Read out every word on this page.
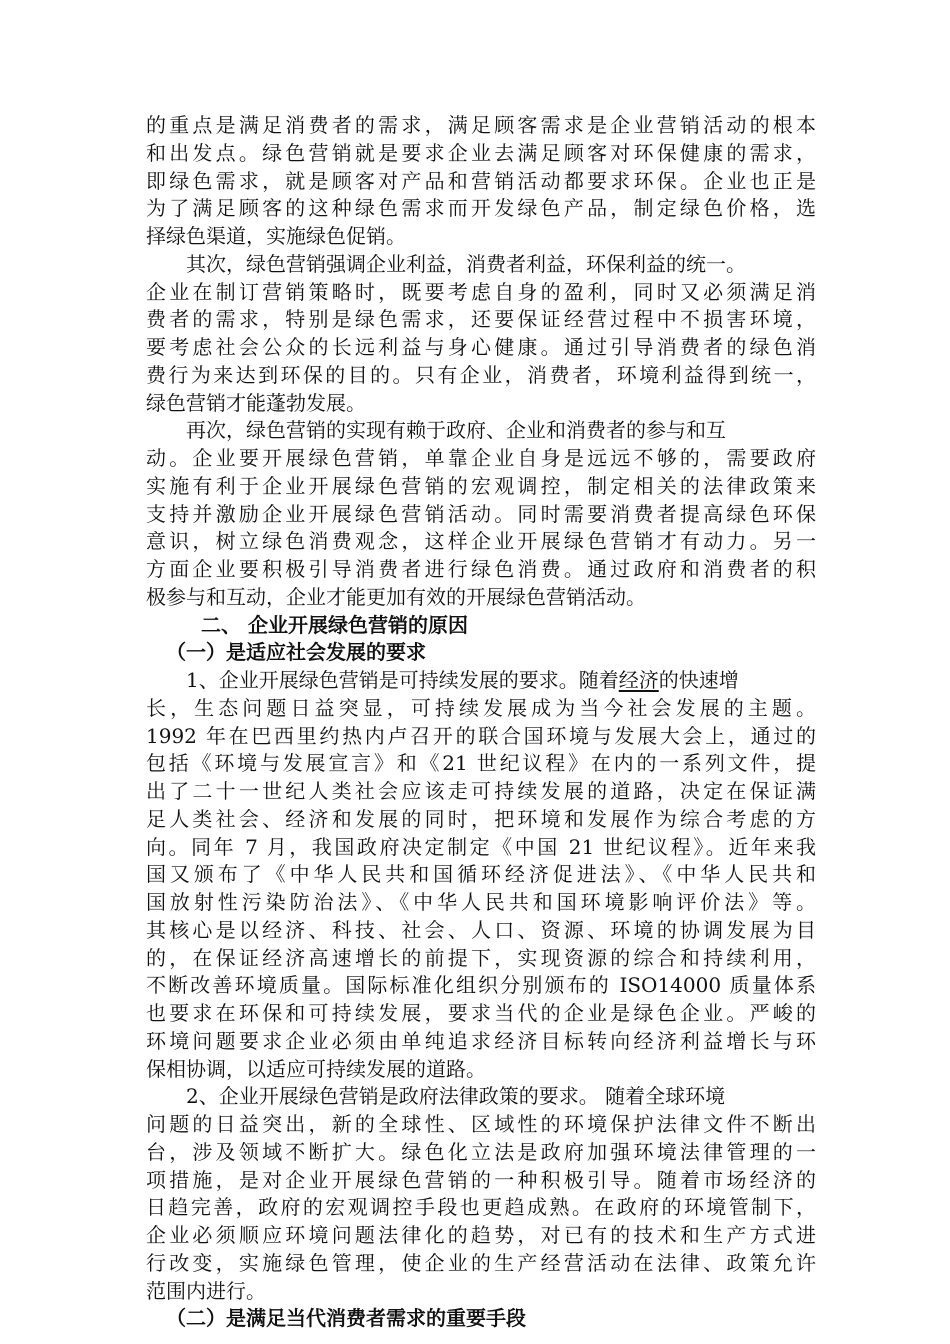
的重点是满足消费者的需求，满足顾客需求是企业营销活动的根本
和出发点。绿色营销就是要求企业去满足顾客对环保健康的需求，
即绿色需求，就是顾客对产品和营销活动都要求环保。企业也正是
为了满足顾客的这种绿色需求而开发绿色产品，制定绿色价格，选
择绿色渠道，实施绿色促销。
其次，绿色营销强调企业利益，消费者利益，环保利益的统一。
企业在制订营销策略时，既要考虑自身的盈利，同时又必须满足消
费者的需求，特别是绿色需求，还要保证经营过程中不损害环境，
要考虑社会公众的长远利益与身心健康。通过引导消费者的绿色消
费行为来达到环保的目的。只有企业，消费者，环境利益得到统一，
绿色营销才能蓬勃发展。
再次，绿色营销的实现有赖于政府、企业和消费者的参与和互
动。企业要开展绿色营销，单靠企业自身是远远不够的，需要政府
实施有利于企业开展绿色营销的宏观调控，制定相关的法律政策来
支持并激励企业开展绿色营销活动。同时需要消费者提高绿色环保
意识，树立绿色消费观念，这样企业开展绿色营销才有动力。另一
方面企业要积极引导消费者进行绿色消费。通过政府和消费者的积
极参与和互动，企业才能更加有效的开展绿色营销活动。
二、 企业开展绿色营销的原因
（一）是适应社会发展的要求
1、企业开展绿色营销是可持续发展的要求。随着经济的快速增
长，生态问题日益突显，可持续发展成为当今社会发展的主题。
1992 年在巴西里约热内卢召开的联合国环境与发展大会上，通过的
包括《环境与发展宣言》和《21 世纪议程》在内的一系列文件，提
出了二十一世纪人类社会应该走可持续发展的道路，决定在保证满
足人类社会、经济和发展的同时，把环境和发展作为综合考虑的方
向。同年 7 月，我国政府决定制定《中国 21 世纪议程》。近年来我
国又颁布了《中华人民共和国循环经济促进法》、《中华人民共和
国放射性污染防治法》、《中华人民共和国环境影响评价法》等。
其核心是以经济、科技、社会、人口、资源、环境的协调发展为目
的，在保证经济高速增长的前提下，实现资源的综合和持续利用，
不断改善环境质量。国际标准化组织分别颁布的 ISO14000 质量体系
也要求在环保和可持续发展，要求当代的企业是绿色企业。严峻的
环境问题要求企业必须由单纯追求经济目标转向经济利益增长与环
保相协调，以适应可持续发展的道路。
2、企业开展绿色营销是政府法律政策的要求。 随着全球环境
问题的日益突出，新的全球性、区域性的环境保护法律文件不断出
台，涉及领域不断扩大。绿色化立法是政府加强环境法律管理的一
项措施，是对企业开展绿色营销的一种积极引导。随着市场经济的
日趋完善，政府的宏观调控手段也更趋成熟。在政府的环境管制下，
企业必须顺应环境问题法律化的趋势，对已有的技术和生产方式进
行改变，实施绿色管理，使企业的生产经营活动在法律、政策允许
范围内进行。
（二）是满足当代消费者需求的重要手段
